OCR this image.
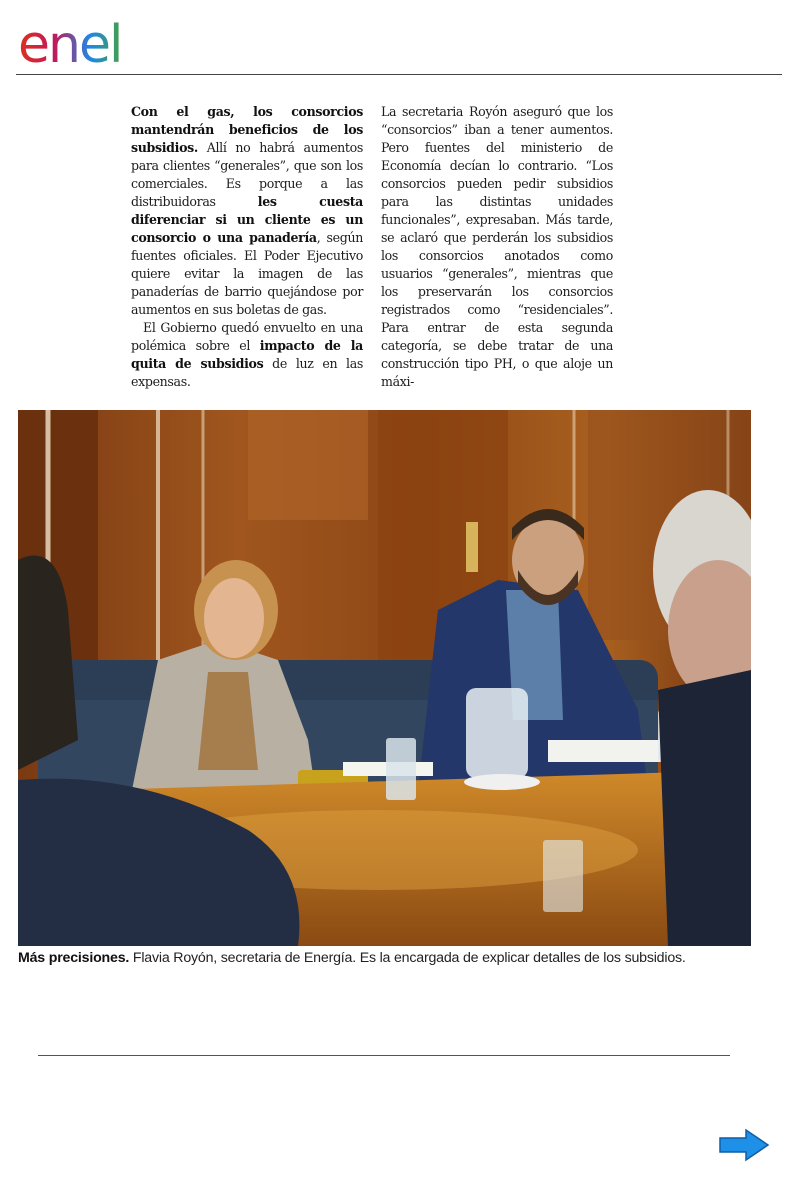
enel

Con el gas, los consorcios mantendrán beneficios de los subsidios. Allí no habrá aumentos para clientes “generales”, que son los comerciales. Es porque a las distribuidoras les cuesta diferenciar si un cliente es un consorcio o una panadería, según fuentes oficiales. El Poder Ejecutivo quiere evitar la imagen de las panaderías de barrio quejándose por aumentos en sus boletas de gas.

El Gobierno quedó envuelto en una polémica sobre el impacto de la quita de subsidios de luz en las expensas.

La secretaria Royón aseguró que los “consorcios” iban a tener aumentos. Pero fuentes del ministerio de Economía decían lo contrario. “Los consorcios pueden pedir subsidios para las distintas unidades funcionales”, expresaban. Más tarde, se aclaró que perderán los subsidios los consorcios anotados como usuarios “generales”, mientras que los preservarán los consorcios registrados como “residenciales”. Para entrar de esta segunda categoría, se debe tratar de una construcción tipo PH, o que aloje un máxi-

Más precisiones. Flavia Royón, secretaria de Energía. Es la encargada de explicar detalles de los subsidios.
